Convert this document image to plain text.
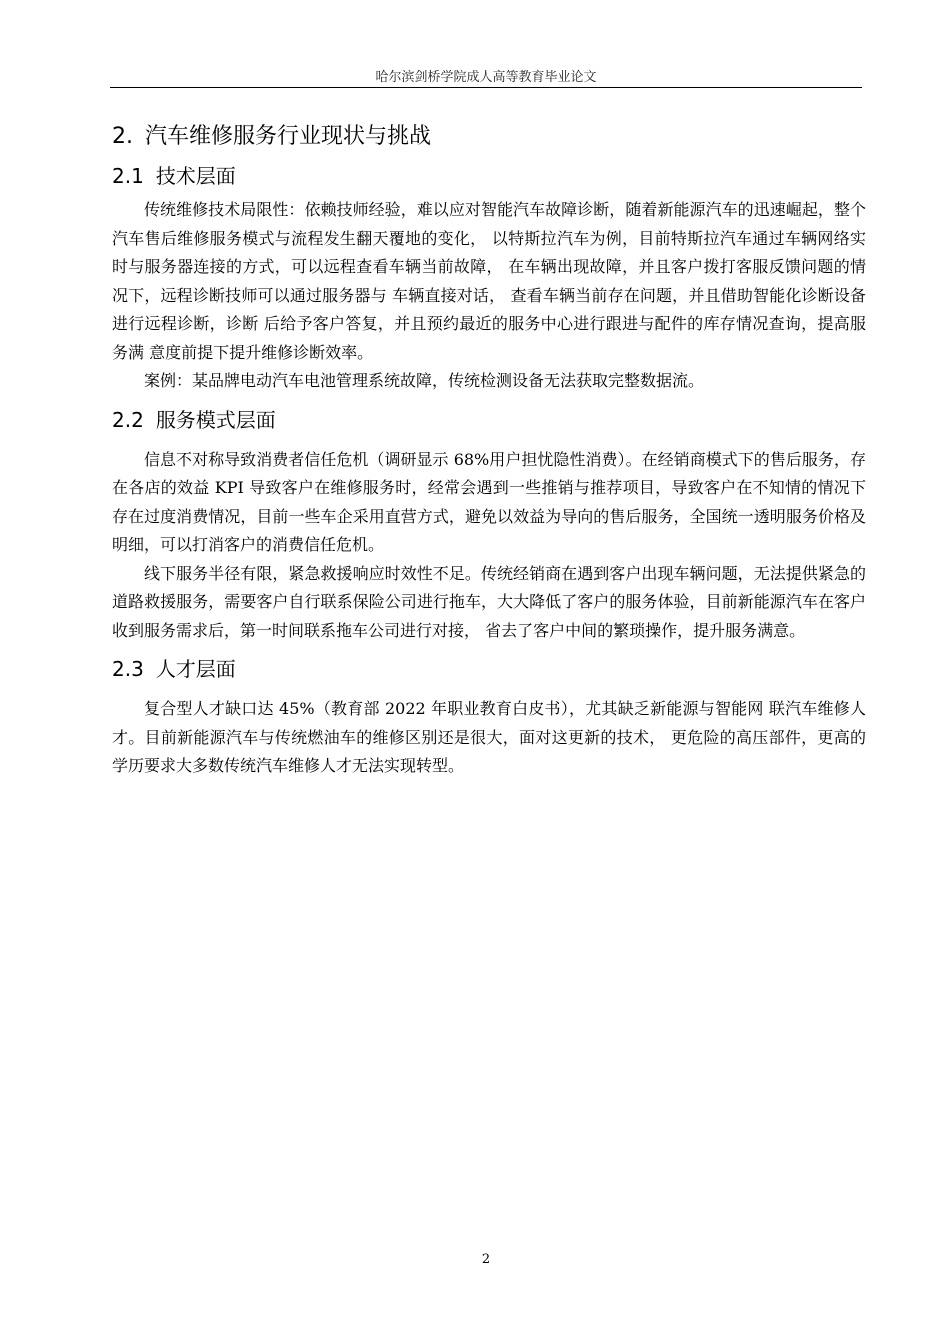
哈尔滨剑桥学院成人高等教育毕业论文
2. 汽车维修服务行业现状与挑战
2.1 技术层面

传统维修技术局限性：依赖技师经验，难以应对智能汽车故障诊断，随着新能源汽车的迅速崛起，整个汽车售后维修服务模式与流程发生翻天覆地的变化， 以特斯拉汽车为例，目前特斯拉汽车通过车辆网络实时与服务器连接的方式，可以远程查看车辆当前故障， 在车辆出现故障，并且客户拨打客服反馈问题的情况下，远程诊断技师可以通过服务器与 车辆直接对话， 查看车辆当前存在问题，并且借助智能化诊断设备进行远程诊断，诊断 后给予客户答复，并且预约最近的服务中心进行跟进与配件的库存情况查询，提高服务满 意度前提下提升维修诊断效率。

案例：某品牌电动汽车电池管理系统故障，传统检测设备无法获取完整数据流。

2.2 服务模式层面

信息不对称导致消费者信任危机（调研显示 68%用户担忧隐性消费）。在经销商模式下的售后服务，存在各店的效益 KPI 导致客户在维修服务时，经常会遇到一些推销与推荐项目，导致客户在不知情的情况下存在过度消费情况，目前一些车企采用直营方式，避免以效益为导向的售后服务，全国统一透明服务价格及明细，可以打消客户的消费信任危机。

线下服务半径有限，紧急救援响应时效性不足。传统经销商在遇到客户出现车辆问题，无法提供紧急的道路救援服务，需要客户自行联系保险公司进行拖车，大大降低了客户的服务体验，目前新能源汽车在客户收到服务需求后，第一时间联系拖车公司进行对接， 省去了客户中间的繁琐操作，提升服务满意。

2.3 人才层面

复合型人才缺口达 45%（教育部 2022 年职业教育白皮书），尤其缺乏新能源与智能网 联汽车维修人才。目前新能源汽车与传统燃油车的维修区别还是很大，面对这更新的技术， 更危险的高压部件，更高的学历要求大多数传统汽车维修人才无法实现转型。

2
